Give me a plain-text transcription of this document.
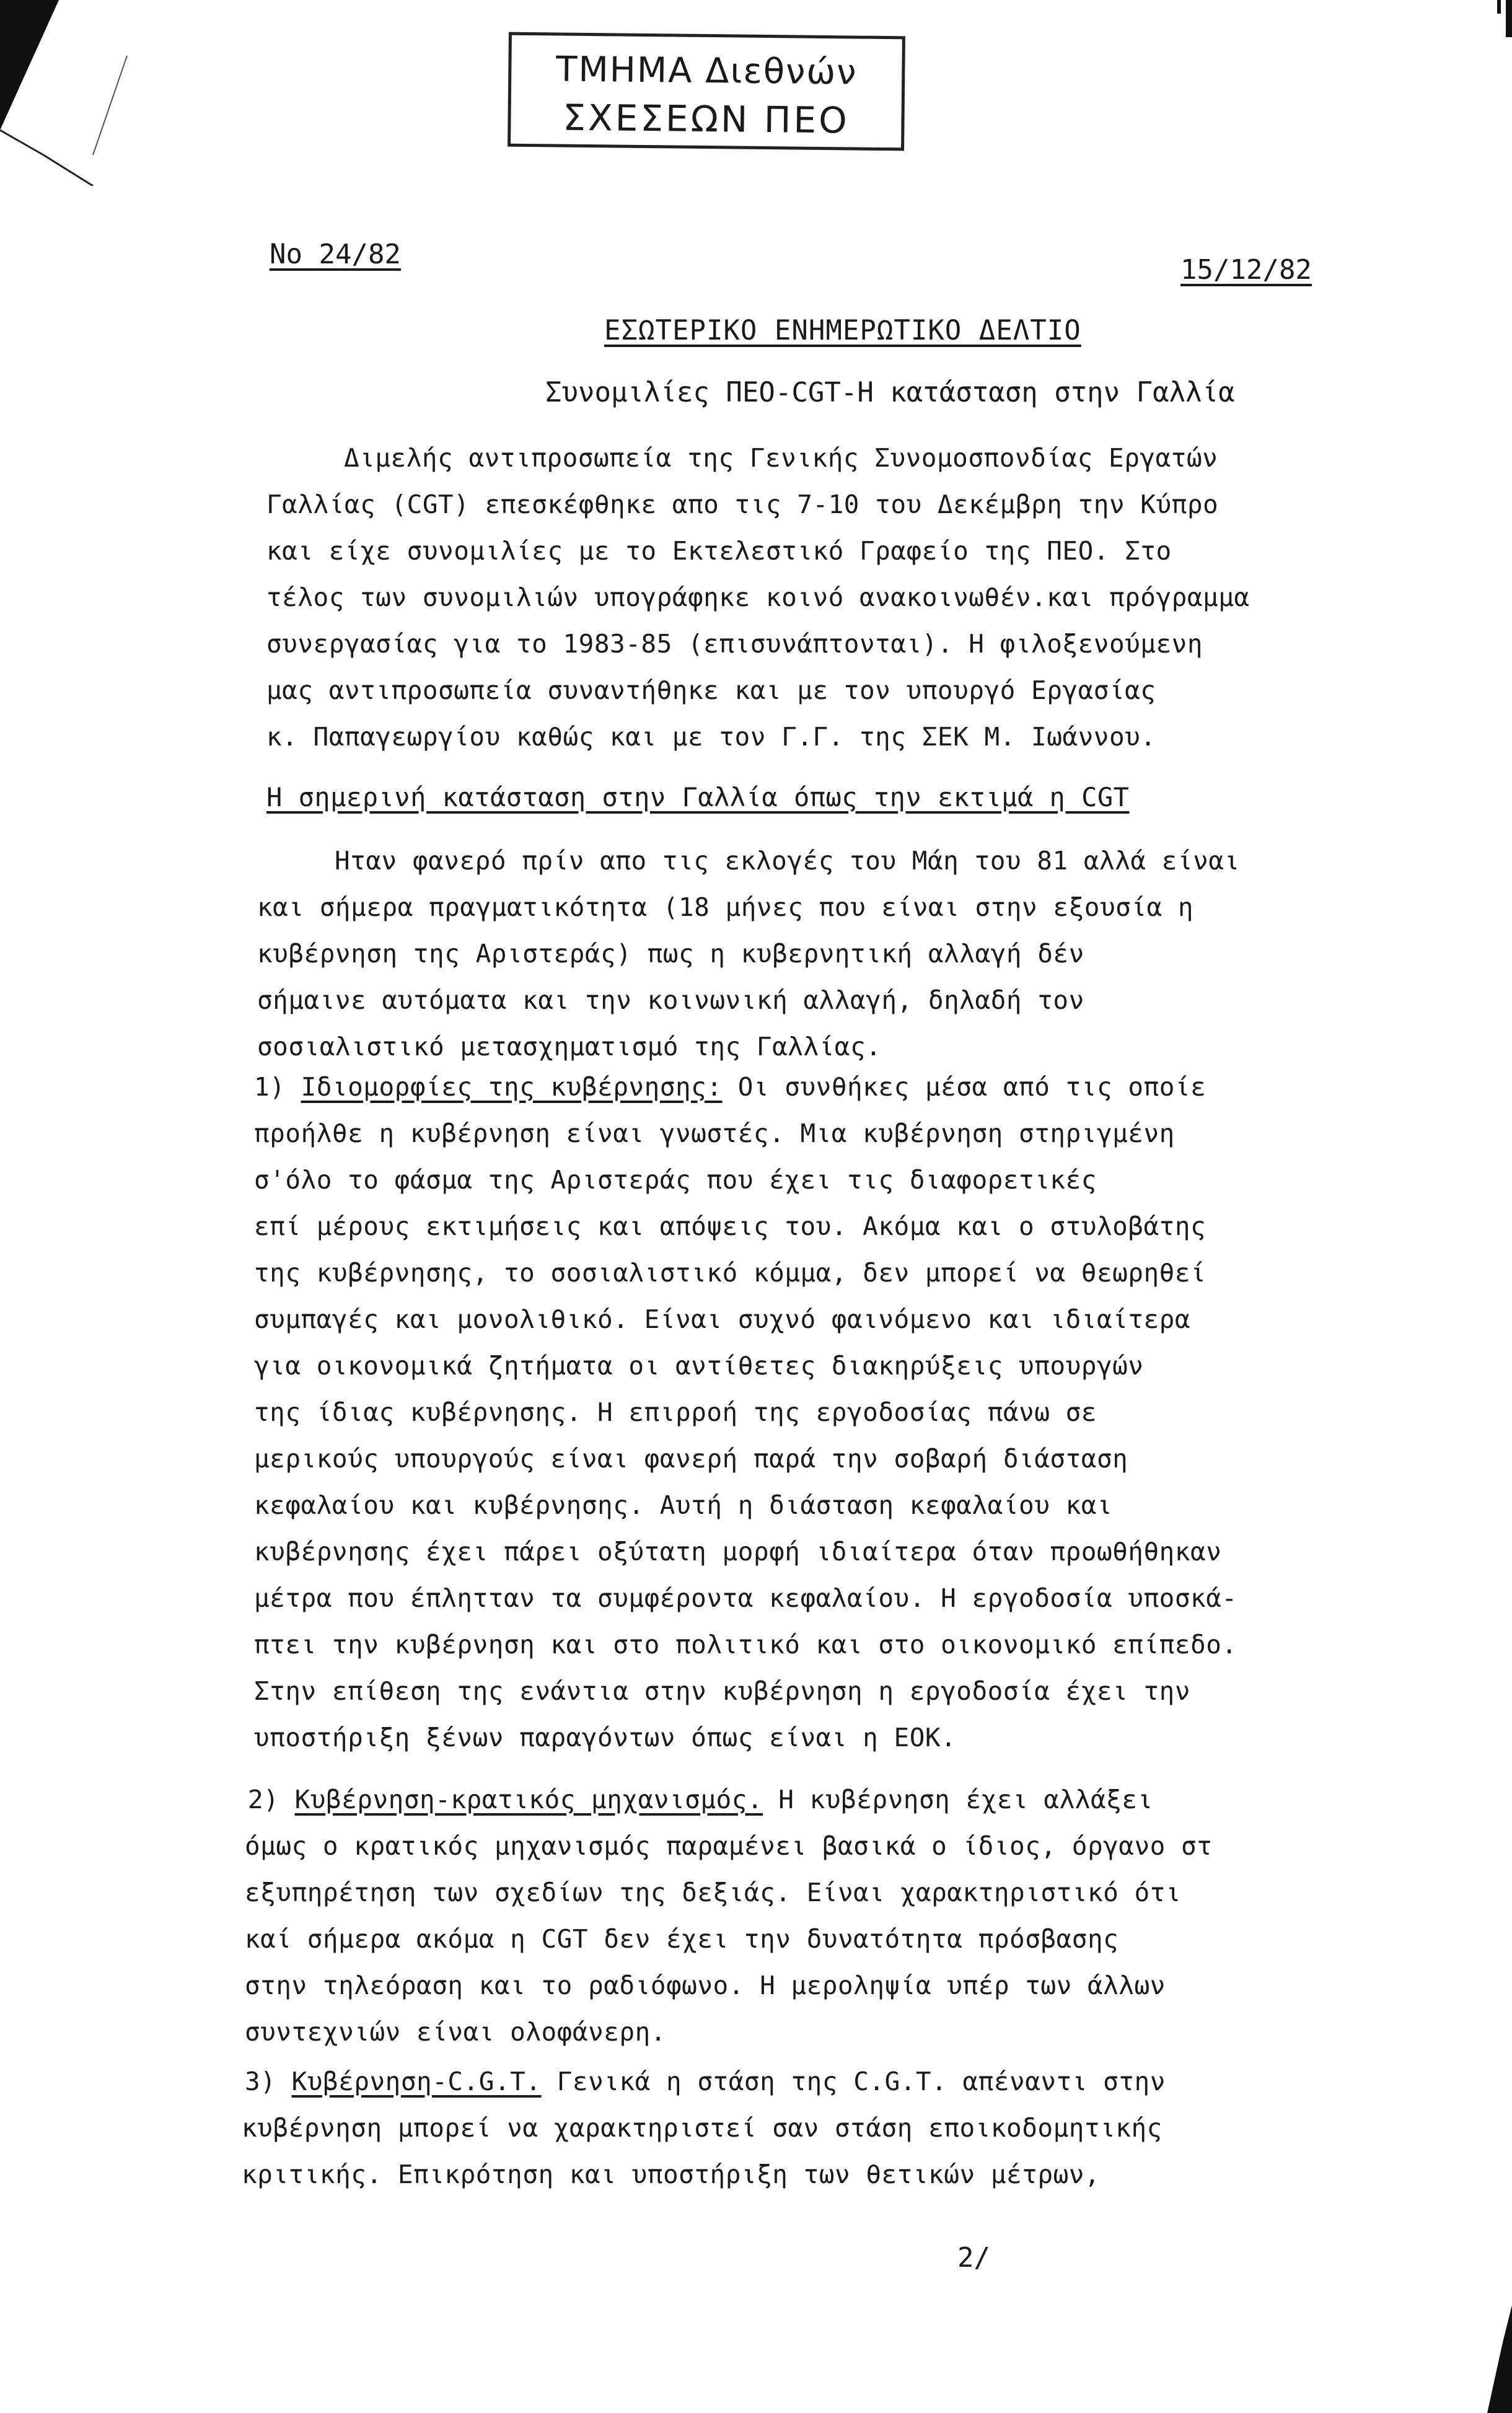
ΤΜΗΜΑ Διεθνών
ΣΧΕΣΕΩΝ ΠΕΟ
Νο 24/82	15/12/82
ΕΣΩΤΕΡΙΚΟ ΕΝΗΜΕΡΩΤΙΚΟ ΔΕΛΤΙΟ
Συνομιλίες ΠΕΟ-CGT-Η κατάσταση στην Γαλλία
Διμελής αντιπροσωπεία της Γενικής Συνομοσπονδίας Εργατών
Γαλλίας (CGT) επεσκέφθηκε απο τις 7-10 του Δεκέμβρη την Κύπρο
και είχε συνομιλίες με το Εκτελεστικό Γραφείο της ΠΕΟ. Στο
τέλος των συνομιλιών υπογράφηκε κοινό ανακοινωθέν.και πρόγραμμα
συνεργασίας για το 1983-85 (επισυνάπτονται). Η φιλοξενούμενη
μας αντιπροσωπεία συναντήθηκε και με τον υπουργό Εργασίας
κ. Παπαγεωργίου καθώς και με τον Γ.Γ. της ΣΕΚ Μ. Ιωάννου.
Η σημερινή κατάσταση στην Γαλλία όπως την εκτιμά η CGT
Ηταν φανερό πρίν απο τις εκλογές του Μάη του 81 αλλά είναι
και σήμερα πραγματικότητα (18 μήνες που είναι στην εξουσία η
κυβέρνηση της Αριστεράς) πως η κυβερνητική αλλαγή δέν
σήμαινε αυτόματα και την κοινωνική αλλαγή, δηλαδή τον
σοσιαλιστικό μετασχηματισμό της Γαλλίας.
1) Ιδιομορφίες της κυβέρνησης: Οι συνθήκες μέσα από τις οποίε
προήλθε η κυβέρνηση είναι γνωστές. Μια κυβέρνηση στηριγμένη
σ'όλο το φάσμα της Αριστεράς που έχει τις διαφορετικές
επί μέρους εκτιμήσεις και απόψεις του. Ακόμα και ο στυλοβάτης
της κυβέρνησης, το σοσιαλιστικό κόμμα, δεν μπορεί να θεωρηθεί
συμπαγές και μονολιθικό. Είναι συχνό φαινόμενο και ιδιαίτερα
για οικονομικά ζητήματα οι αντίθετες διακηρύξεις υπουργών
της ίδιας κυβέρνησης. Η επιρροή της εργοδοσίας πάνω σε
μερικούς υπουργούς είναι φανερή παρά την σοβαρή διάσταση
κεφαλαίου και κυβέρνησης. Αυτή η διάσταση κεφαλαίου και
κυβέρνησης έχει πάρει οξύτατη μορφή ιδιαίτερα όταν προωθήθηκαν
μέτρα που έπλητταν τα συμφέροντα κεφαλαίου. Η εργοδοσία υποσκά-
πτει την κυβέρνηση και στο πολιτικό και στο οικονομικό επίπεδο.
Στην επίθεση της ενάντια στην κυβέρνηση η εργοδοσία έχει την
υποστήριξη ξένων παραγόντων όπως είναι η ΕΟΚ.
2) Κυβέρνηση-κρατικός μηχανισμός. Η κυβέρνηση έχει αλλάξει
όμως ο κρατικός μηχανισμός παραμένει βασικά ο ίδιος, όργανο στ
εξυπηρέτηση των σχεδίων της δεξιάς. Είναι χαρακτηριστικό ότι
καί σήμερα ακόμα η CGT δεν έχει την δυνατότητα πρόσβασης
στην τηλεόραση και το ραδιόφωνο. Η μεροληψία υπέρ των άλλων
συντεχνιών είναι ολοφάνερη.
3) Κυβέρνηση-C.G.T. Γενικά η στάση της C.G.T. απέναντι στην
κυβέρνηση μπορεί να χαρακτηριστεί σαν στάση εποικοδομητικής
κριτικής. Επικρότηση και υποστήριξη των θετικών μέτρων,
2/
